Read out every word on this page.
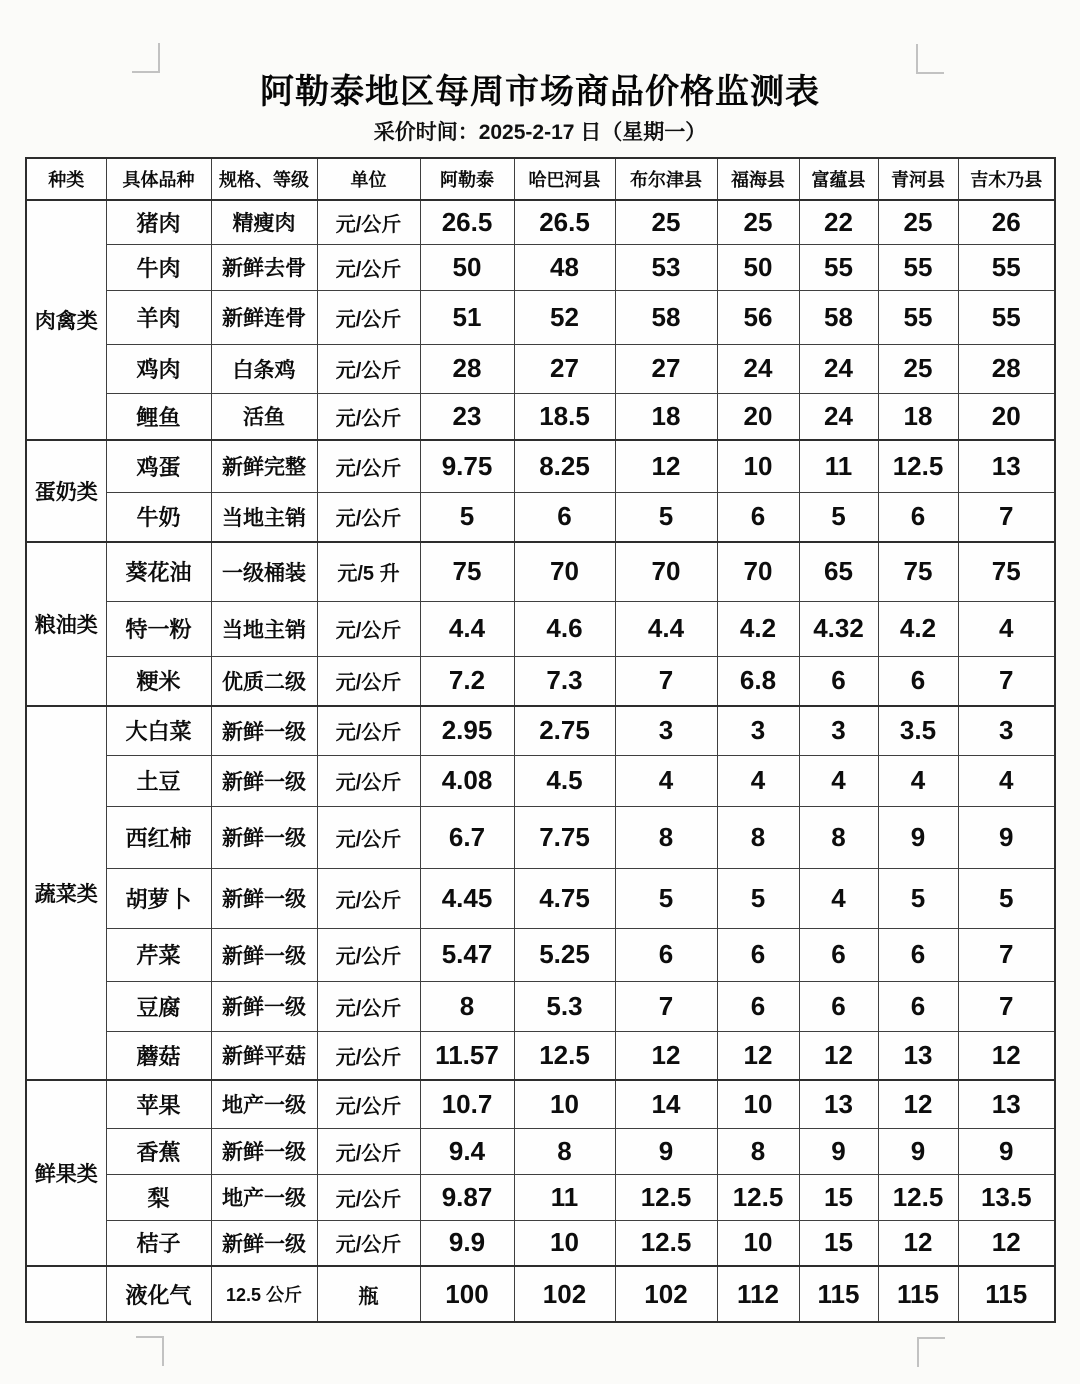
阿勒泰地区每周市场商品价格监测表
采价时间：2025-2-17 日（星期一）
种类	具体品种	规格、等级	单位	阿勒泰	哈巴河县	布尔津县	福海县	富蕴县	青河县	吉木乃县
肉禽类	猪肉	精瘦肉	元/公斤	26.5	26.5	25	25	22	25	26
	牛肉	新鲜去骨	元/公斤	50	48	53	50	55	55	55
	羊肉	新鲜连骨	元/公斤	51	52	58	56	58	55	55
	鸡肉	白条鸡	元/公斤	28	27	27	24	24	25	28
	鲤鱼	活鱼	元/公斤	23	18.5	18	20	24	18	20
蛋奶类	鸡蛋	新鲜完整	元/公斤	9.75	8.25	12	10	11	12.5	13
	牛奶	当地主销	元/公斤	5	6	5	6	5	6	7
粮油类	葵花油	一级桶装	元/5 升	75	70	70	70	65	75	75
	特一粉	当地主销	元/公斤	4.4	4.6	4.4	4.2	4.32	4.2	4
	粳米	优质二级	元/公斤	7.2	7.3	7	6.8	6	6	7
蔬菜类	大白菜	新鲜一级	元/公斤	2.95	2.75	3	3	3	3.5	3
	土豆	新鲜一级	元/公斤	4.08	4.5	4	4	4	4	4
	西红柿	新鲜一级	元/公斤	6.7	7.75	8	8	8	9	9
	胡萝卜	新鲜一级	元/公斤	4.45	4.75	5	5	4	5	5
	芹菜	新鲜一级	元/公斤	5.47	5.25	6	6	6	6	7
	豆腐	新鲜一级	元/公斤	8	5.3	7	6	6	6	7
	蘑菇	新鲜平菇	元/公斤	11.57	12.5	12	12	12	13	12
鲜果类	苹果	地产一级	元/公斤	10.7	10	14	10	13	12	13
	香蕉	新鲜一级	元/公斤	9.4	8	9	8	9	9	9
	梨	地产一级	元/公斤	9.87	11	12.5	12.5	15	12.5	13.5
	桔子	新鲜一级	元/公斤	9.9	10	12.5	10	15	12	12
	液化气	12.5 公斤	瓶	100	102	102	112	115	115	115
